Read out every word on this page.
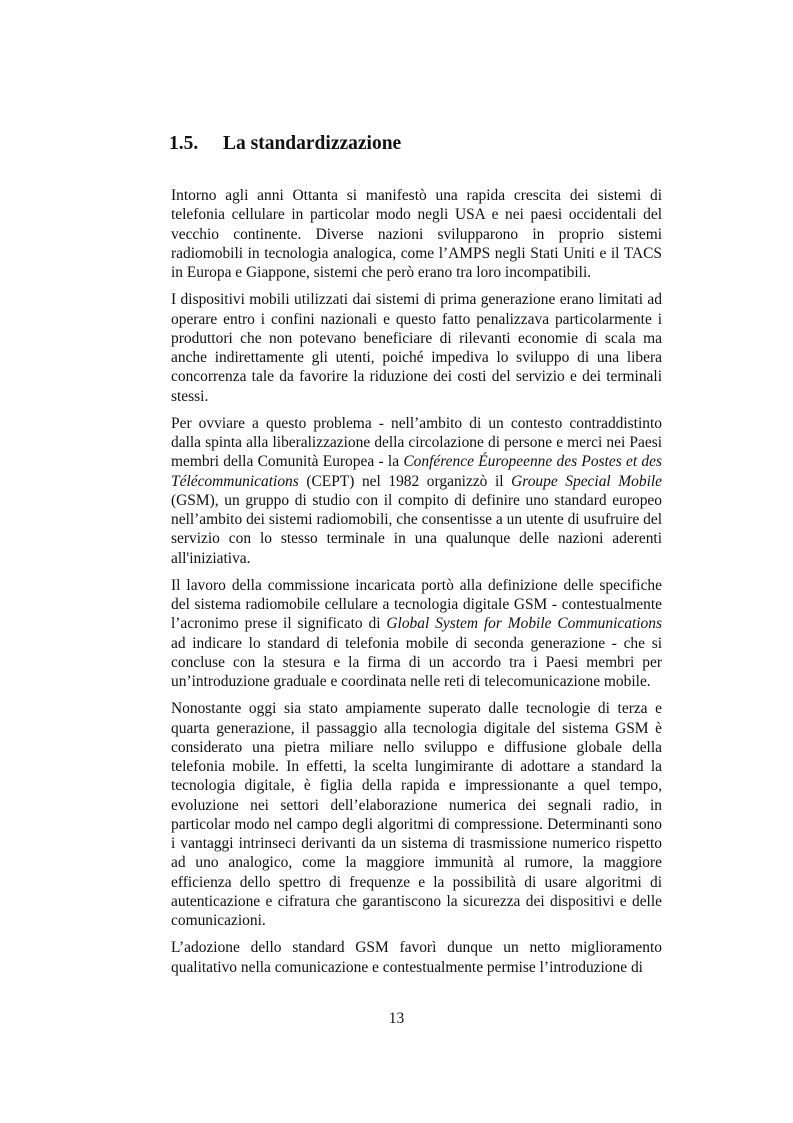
1.5. La standardizzazione

Intorno agli anni Ottanta si manifestò una rapida crescita dei sistemi di telefonia cellulare in particolar modo negli USA e nei paesi occidentali del vecchio continente. Diverse nazioni svilupparono in proprio sistemi radiomobili in tecnologia analogica, come l’AMPS negli Stati Uniti e il TACS in Europa e Giappone, sistemi che però erano tra loro incompatibili.

I dispositivi mobili utilizzati dai sistemi di prima generazione erano limitati ad operare entro i confini nazionali e questo fatto penalizzava particolarmente i produttori che non potevano beneficiare di rilevanti economie di scala ma anche indirettamente gli utenti, poiché impediva lo sviluppo di una libera concorrenza tale da favorire la riduzione dei costi del servizio e dei terminali stessi.

Per ovviare a questo problema - nell’ambito di un contesto contraddistinto dalla spinta alla liberalizzazione della circolazione di persone e merci nei Paesi membri della Comunità Europea - la Conférence Éuropeenne des Postes et des Télécommunications (CEPT) nel 1982 organizzò il Groupe Special Mobile (GSM), un gruppo di studio con il compito di definire uno standard europeo nell’ambito dei sistemi radiomobili, che consentisse a un utente di usufruire del servizio con lo stesso terminale in una qualunque delle nazioni aderenti all'iniziativa.

Il lavoro della commissione incaricata portò alla definizione delle specifiche del sistema radiomobile cellulare a tecnologia digitale GSM - contestualmente l’acronimo prese il significato di Global System for Mobile Communications ad indicare lo standard di telefonia mobile di seconda generazione - che si concluse con la stesura e la firma di un accordo tra i Paesi membri per un’introduzione graduale e coordinata nelle reti di telecomunicazione mobile.

Nonostante oggi sia stato ampiamente superato dalle tecnologie di terza e quarta generazione, il passaggio alla tecnologia digitale del sistema GSM è considerato una pietra miliare nello sviluppo e diffusione globale della telefonia mobile. In effetti, la scelta lungimirante di adottare a standard la tecnologia digitale, è figlia della rapida e impressionante a quel tempo, evoluzione nei settori dell’elaborazione numerica dei segnali radio, in particolar modo nel campo degli algoritmi di compressione. Determinanti sono i vantaggi intrinseci derivanti da un sistema di trasmissione numerico rispetto ad uno analogico, come la maggiore immunità al rumore, la maggiore efficienza dello spettro di frequenze e la possibilità di usare algoritmi di autenticazione e cifratura che garantiscono la sicurezza dei dispositivi e delle comunicazioni.

L’adozione dello standard GSM favorì dunque un netto miglioramento qualitativo nella comunicazione e contestualmente permise l’introduzione di

13
